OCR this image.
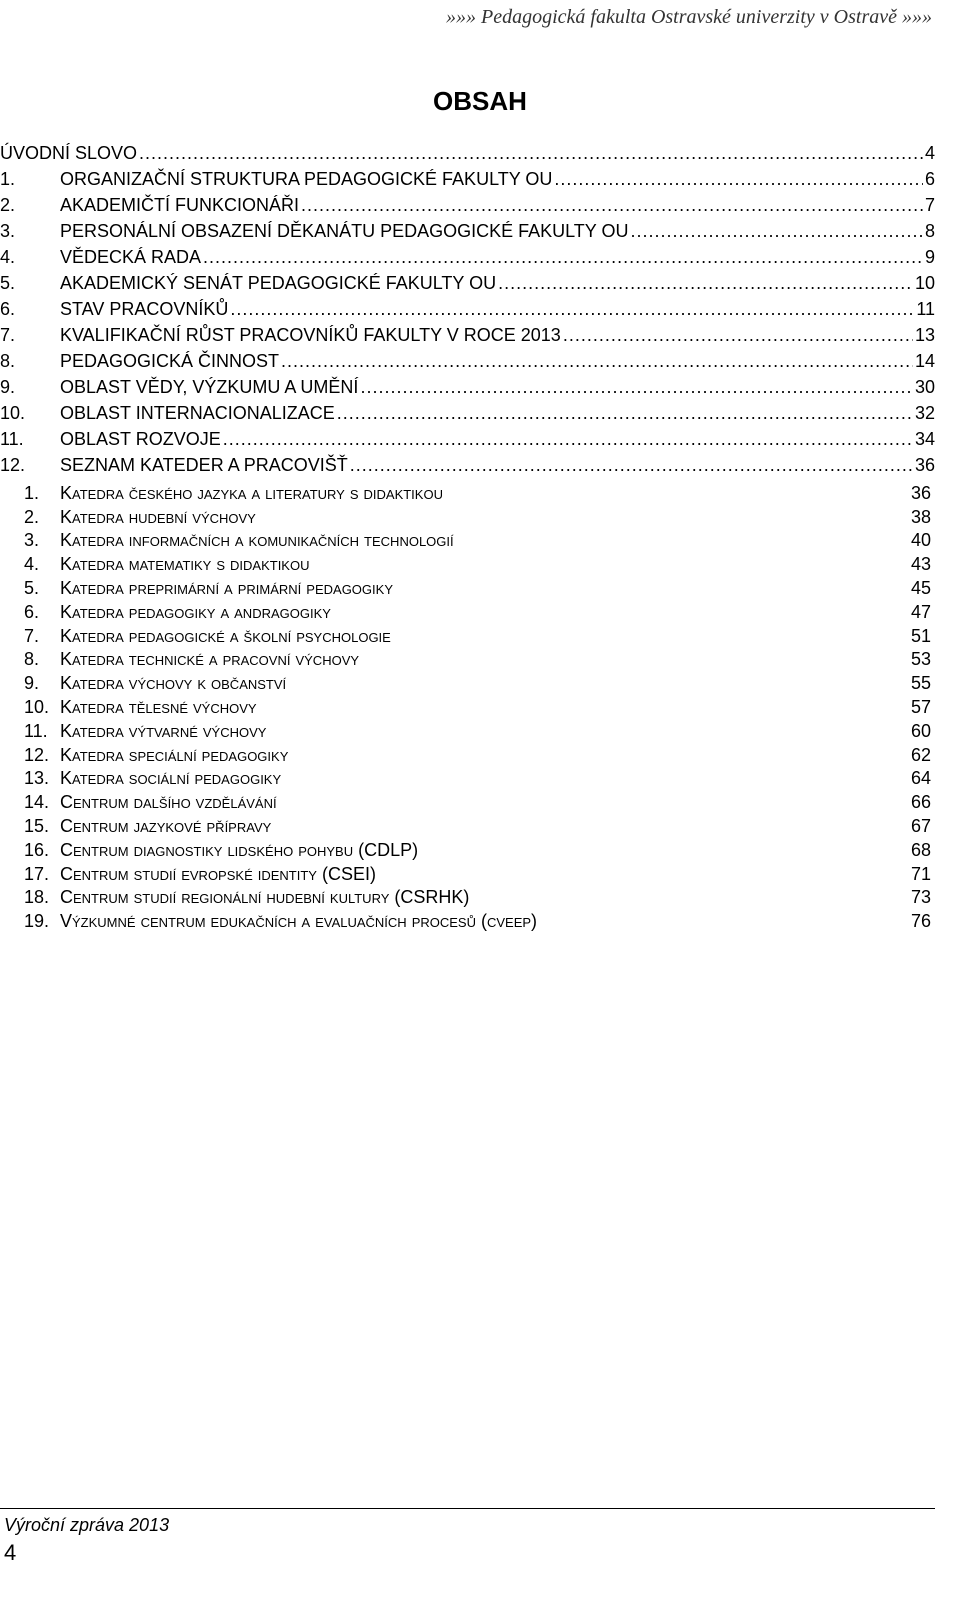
»»» Pedagogická fakulta Ostravské univerzity v Ostravě »»»
OBSAH
ÚVODNÍ SLOVO .....	4
1.	ORGANIZAČNÍ STRUKTURA PEDAGOGICKÉ FAKULTY OU .....	6
2.	AKADEMIČTÍ FUNKCIONÁŘI .....	7
3.	PERSONÁLNÍ OBSAZENÍ DĚKANÁTU PEDAGOGICKÉ FAKULTY OU .....	8
4.	VĚDECKÁ RADA .....	9
5.	AKADEMICKÝ SENÁT PEDAGOGICKÉ FAKULTY OU .....	10
6.	STAV PRACOVNÍKŮ .....	11
7.	KVALIFIKAČNÍ RŮST PRACOVNÍKŮ FAKULTY V ROCE 2013 .....	13
8.	PEDAGOGICKÁ ČINNOST .....	14
9.	OBLAST VĚDY, VÝZKUMU A UMĚNÍ .....	30
10.	OBLAST INTERNACIONALIZACE .....	32
11.	OBLAST ROZVOJE .....	34
12.	SEZNAM KATEDER A PRACOVIŠŤ .....	36
1.	Katedra českého jazyka a literatury s didaktikou	36
2.	Katedra hudební výchovy	38
3.	Katedra informačních a komunikačních technologií	40
4.	Katedra matematiky s didaktikou	43
5.	Katedra preprimární a primární pedagogiky	45
6.	Katedra pedagogiky a andragogiky	47
7.	Katedra pedagogické a školní psychologie	51
8.	Katedra technické a pracovní výchovy	53
9.	Katedra výchovy k občanství	55
10. Katedra tělesné výchovy	57
11. Katedra výtvarné výchovy	60
12. Katedra speciální pedagogiky	62
13. Katedra sociální pedagogiky	64
14. Centrum dalšího vzdělávání	66
15. Centrum jazykové přípravy	67
16. Centrum diagnostiky lidského pohybu (CDLP)	68
17. Centrum studií evropské identity (CSEI)	71
18. Centrum studií regionální hudební kultury (CSRHK)	73
19. Výzkumné centrum edukačních a evaluačních procesů (cveep)	76
Výroční zpráva 2013
4
